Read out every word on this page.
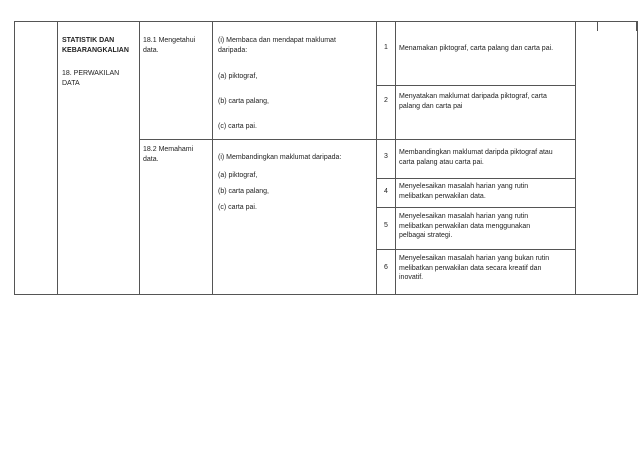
STATISTIK DAN
KEBARANGKALIAN
18. PERWAKILAN
DATA
18.1 Mengetahui
data.
18.2 Memahami
data.
(i) Membaca dan mendapat maklumat
daripada:
(a) piktograf,
(b) carta palang,
(c) carta pai.
(i) Membandingkan maklumat daripada:
(a) piktograf,
(b) carta palang,
(c) carta pai.
1	Menamakan piktograf, carta palang dan carta pai.
2
Menyatakan maklumat daripada piktograf, carta
palang dan carta pai
3
Membandingkan maklumat daripda piktograf atau
carta palang atau carta pai.
4
Menyelesaikan masalah harian yang rutin
melibatkan perwakilan data.
5
Menyelesaikan masalah harian yang rutin
melibatkan perwakilan data menggunakan
pelbagai strategi.
6
Menyelesaikan masalah harian yang bukan rutin
melibatkan perwakilan data secara kreatif dan
inovatif.
